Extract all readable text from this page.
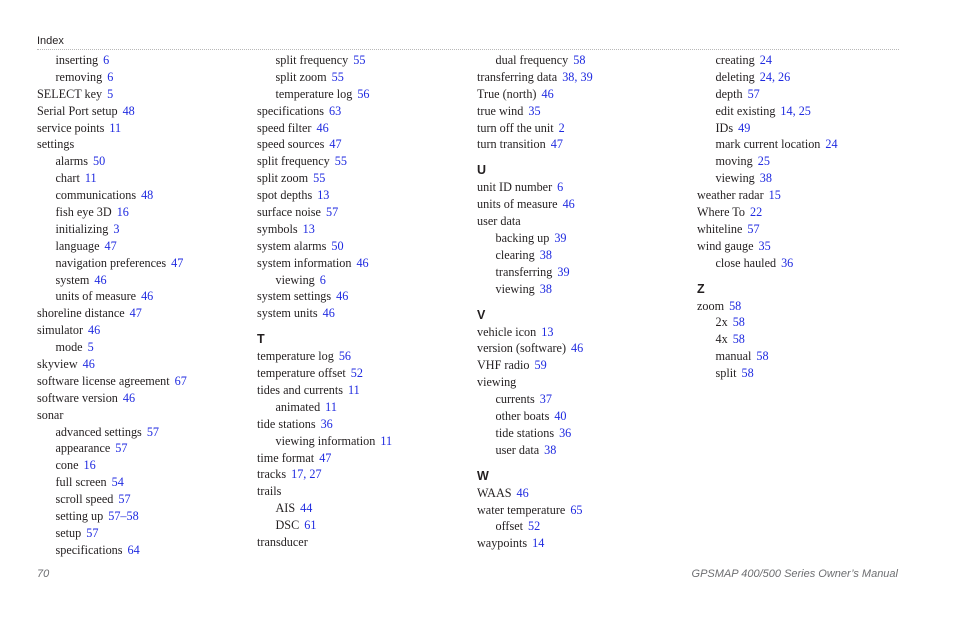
Index
inserting 6
removing 6
SELECT key 5
Serial Port setup 48
service points 11
settings
alarms 50
chart 11
communications 48
fish eye 3D 16
initializing 3
language 47
navigation preferences 47
system 46
units of measure 46
shoreline distance 47
simulator 46
mode 5
skyview 46
software license agreement 67
software version 46
sonar
advanced settings 57
appearance 57
cone 16
full screen 54
scroll speed 57
setting up 57–58
setup 57
specifications 64
split frequency 55
split zoom 55
temperature log 56
specifications 63
speed filter 46
speed sources 47
split frequency 55
split zoom 55
spot depths 13
surface noise 57
symbols 13
system alarms 50
system information 46
viewing 6
system settings 46
system units 46
T
temperature log 56
temperature offset 52
tides and currents 11
animated 11
tide stations 36
viewing information 11
time format 47
tracks 17, 27
trails
AIS 44
DSC 61
transducer
dual frequency 58
transferring data 38, 39
True (north) 46
true wind 35
turn off the unit 2
turn transition 47
U
unit ID number 6
units of measure 46
user data
backing up 39
clearing 38
transferring 39
viewing 38
V
vehicle icon 13
version (software) 46
VHF radio 59
viewing
currents 37
other boats 40
tide stations 36
user data 38
W
WAAS 46
water temperature 65
offset 52
waypoints 14
creating 24
deleting 24, 26
depth 57
edit existing 14, 25
IDs 49
mark current location 24
moving 25
viewing 38
weather radar 15
Where To 22
whiteline 57
wind gauge 35
close hauled 36
Z
zoom 58
2x 58
4x 58
manual 58
split 58
70	GPSMAP 400/500 Series Owner’s Manual
